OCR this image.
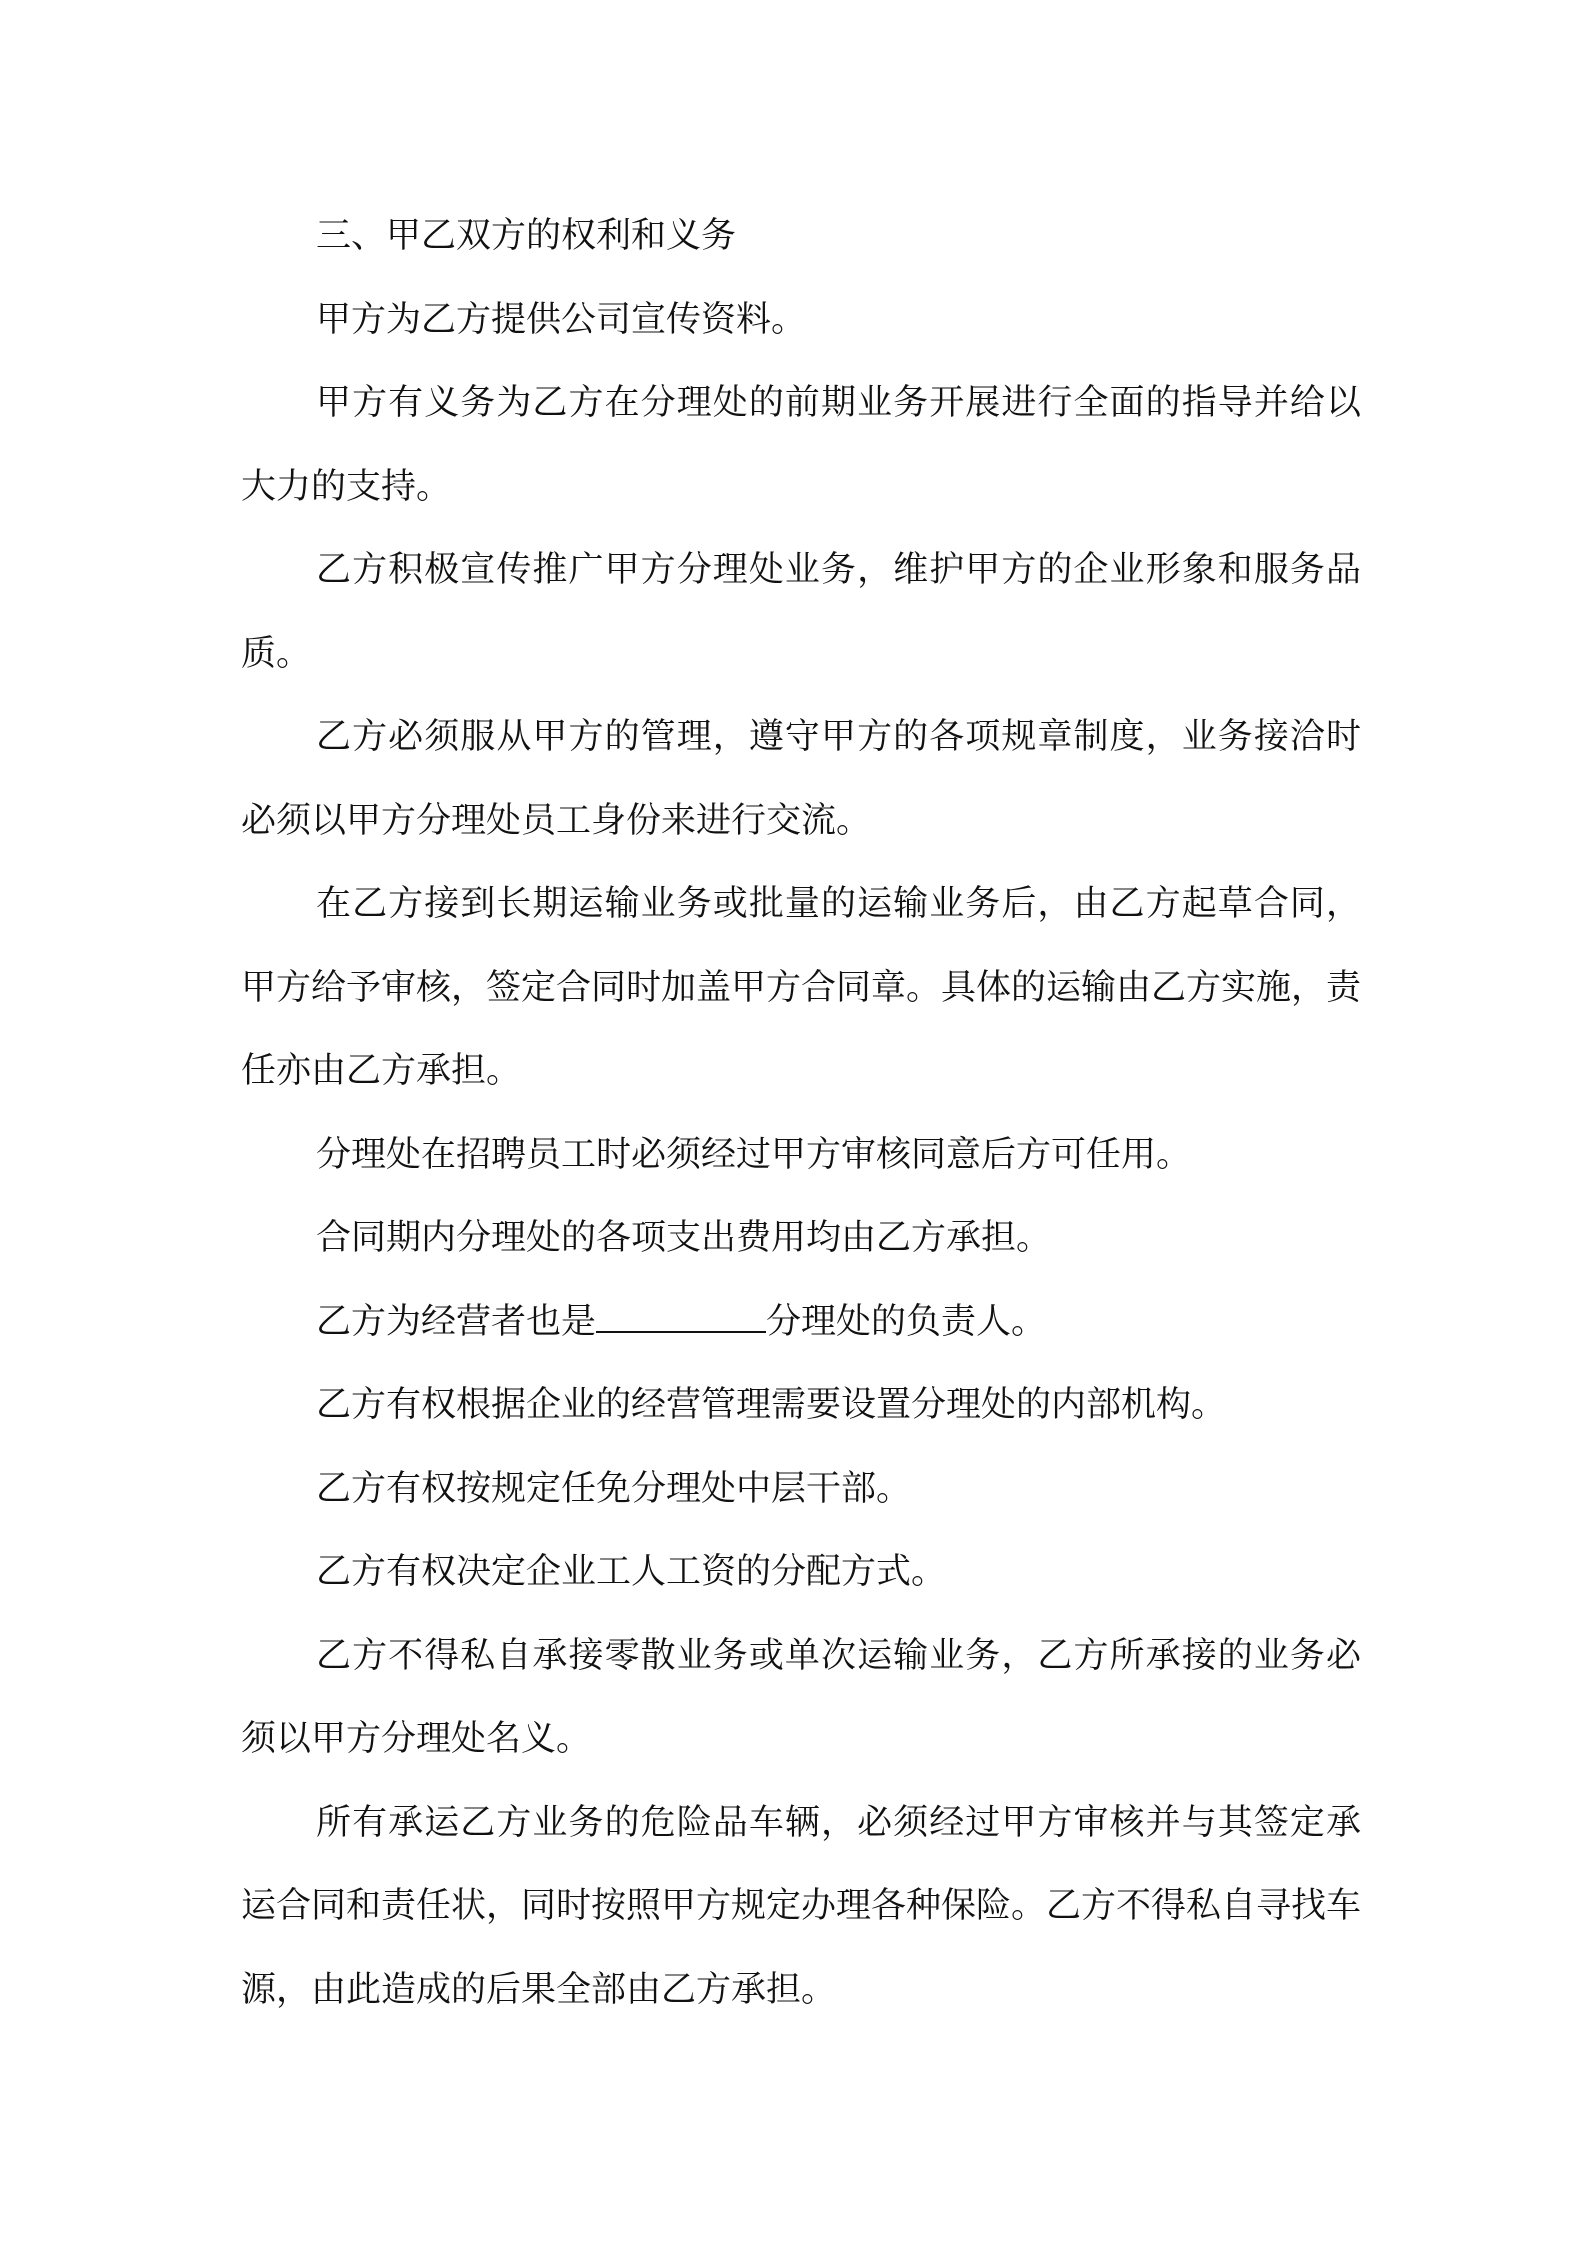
三、甲乙双方的权利和义务

甲方为乙方提供公司宣传资料。

甲方有义务为乙方在分理处的前期业务开展进行全面的指导并给以大力的支持。

乙方积极宣传推广甲方分理处业务，维护甲方的企业形象和服务品质。

乙方必须服从甲方的管理，遵守甲方的各项规章制度，业务接洽时必须以甲方分理处员工身份来进行交流。

在乙方接到长期运输业务或批量的运输业务后，由乙方起草合同，甲方给予审核，签定合同时加盖甲方合同章。具体的运输由乙方实施，责任亦由乙方承担。

分理处在招聘员工时必须经过甲方审核同意后方可任用。

合同期内分理处的各项支出费用均由乙方承担。

乙方为经营者也是	分理处的负责人。

乙方有权根据企业的经营管理需要设置分理处的内部机构。

乙方有权按规定任免分理处中层干部。

乙方有权决定企业工人工资的分配方式。

乙方不得私自承接零散业务或单次运输业务，乙方所承接的业务必须以甲方分理处名义。

所有承运乙方业务的危险品车辆，必须经过甲方审核并与其签定承运合同和责任状，同时按照甲方规定办理各种保险。乙方不得私自寻找车源，由此造成的后果全部由乙方承担。
